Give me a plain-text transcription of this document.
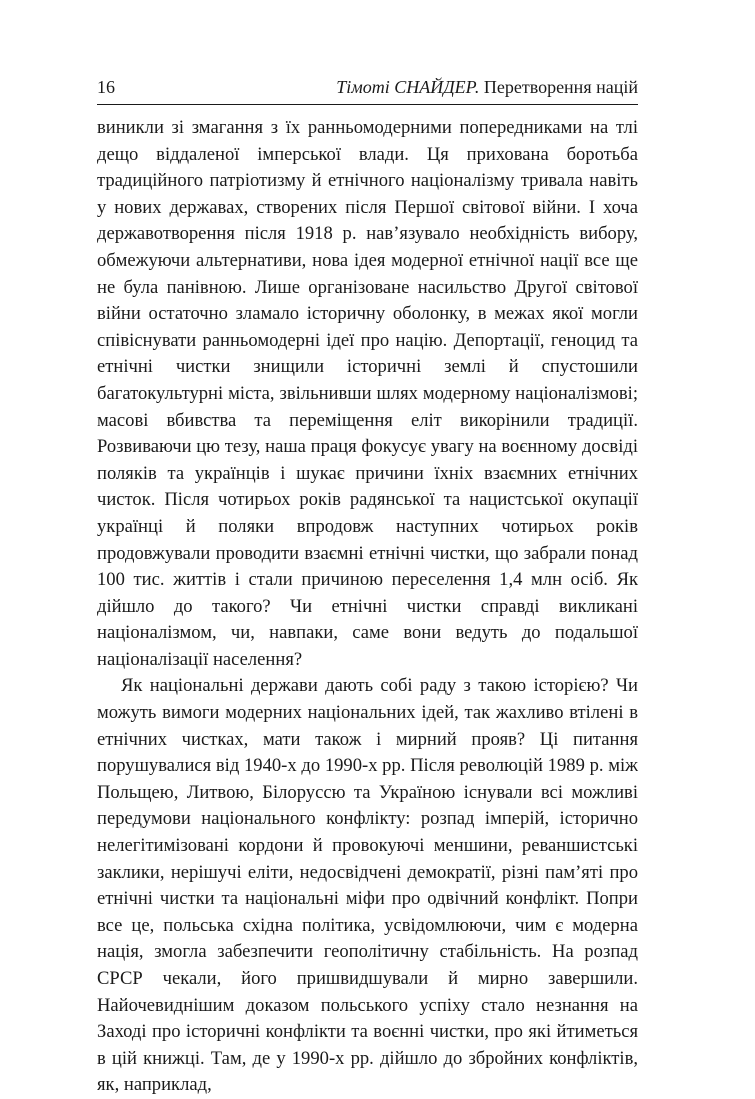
16	Тімоті СНАЙДЕР. Перетворення націй

виникли зі змагання з їх ранньомодерними попередниками на тлі дещо віддаленої імперської влади. Ця прихована боротьба традиційного патріотизму й етнічного націоналізму тривала навіть у нових державах, створених після Першої світової війни. І хоча державотворення після 1918 р. нав’язувало необхідність вибору, обмежуючи альтернативи, нова ідея модерної етнічної нації все ще не була панівною. Лише організоване насильство Другої світової війни остаточно зламало історичну оболонку, в межах якої могли співіснувати ранньомодерні ідеї про націю. Депортації, геноцид та етнічні чистки знищили історичні землі й спустошили багатокультурні міста, звільнивши шлях модерному націоналізмові; масові вбивства та переміщення еліт викорінили традиції. Розвиваючи цю тезу, наша праця фокусує увагу на воєнному досвіді поляків та українців і шукає причини їхніх взаємних етнічних чисток. Після чотирьох років радянської та нацистської окупації українці й поляки впродовж наступних чотирьох років продовжували проводити взаємні етнічні чистки, що забрали понад 100 тис. життів і стали причиною переселення 1,4 млн осіб. Як дійшло до такого? Чи етнічні чистки справді викликані націоналізмом, чи, навпаки, саме вони ведуть до подальшої націоналізації населення?

Як національні держави дають собі раду з такою історією? Чи можуть вимоги модерних національних ідей, так жахливо втілені в етнічних чистках, мати також і мирний прояв? Ці питання порушувалися від 1940-х до 1990-х рр. Після революцій 1989 р. між Польщею, Литвою, Білоруссю та Україною існували всі можливі передумови національного конфлікту: розпад імперій, історично нелегітимізовані кордони й провокуючі меншини, реваншистські заклики, нерішучі еліти, недосвідчені демократії, різні пам’яті про етнічні чистки та національні міфи про одвічний конфлікт. Попри все це, польська східна політика, усвідомлюючи, чим є модерна нація, змогла забезпечити геополітичну стабільність. На розпад СРСР чекали, його пришвидшували й мирно завершили. Найочевиднішим доказом польського успіху стало незнання на Заході про історичні конфлікти та воєнні чистки, про які йтиметься в цій книжці. Там, де у 1990-х рр. дійшло до збройних конфліктів, як, наприклад,
